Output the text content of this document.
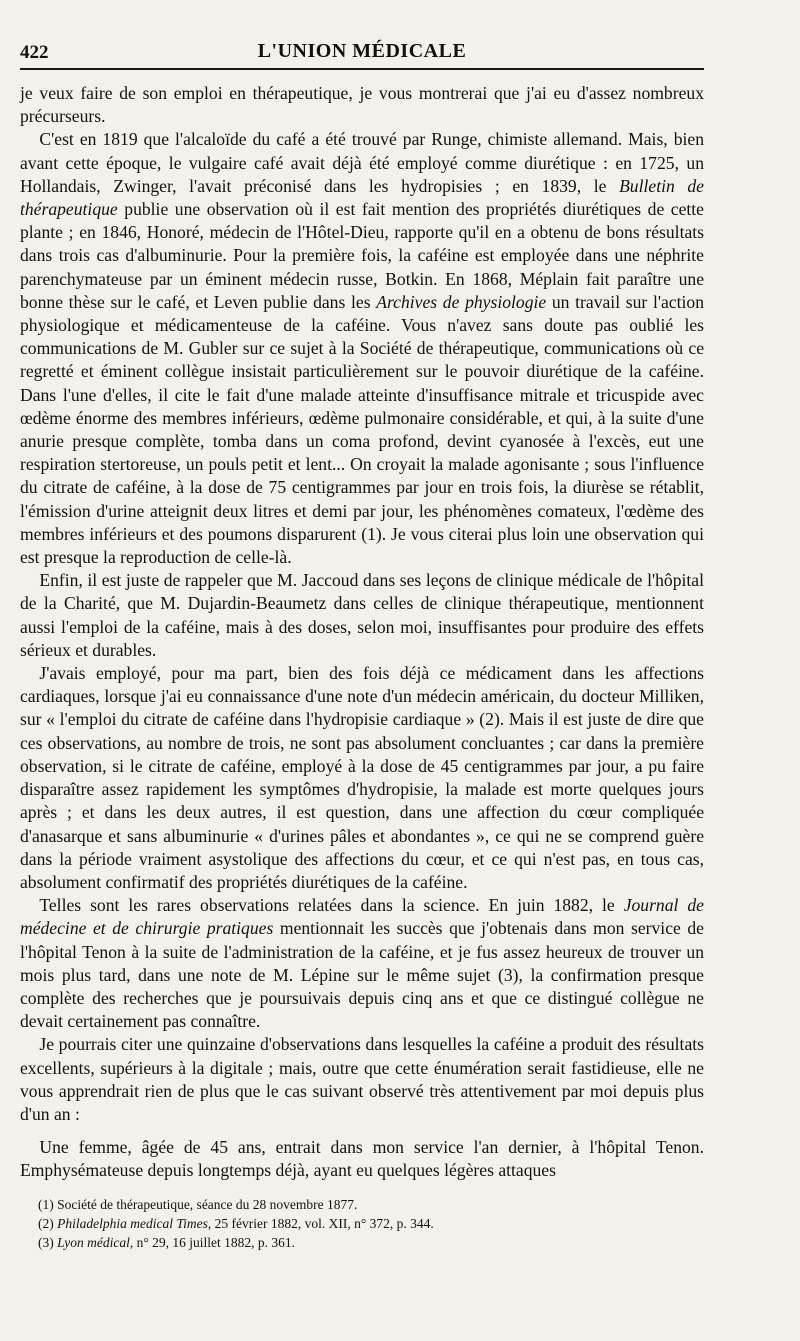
422	L'UNION MÉDICALE

je veux faire de son emploi en thérapeutique, je vous montrerai que j'ai eu d'assez nombreux précurseurs.

C'est en 1819 que l'alcaloïde du café a été trouvé par Runge, chimiste allemand. Mais, bien avant cette époque, le vulgaire café avait déjà été employé comme diurétique : en 1725, un Hollandais, Zwinger, l'avait préconisé dans les hydropisies ; en 1839, le Bulletin de thérapeutique publie une observation où il est fait mention des propriétés diurétiques de cette plante ; en 1846, Honoré, médecin de l'Hôtel-Dieu, rapporte qu'il en a obtenu de bons résultats dans trois cas d'albuminurie. Pour la première fois, la caféine est employée dans une néphrite parenchymateuse par un éminent médecin russe, Botkin. En 1868, Méplain fait paraître une bonne thèse sur le café, et Leven publie dans les Archives de physiologie un travail sur l'action physiologique et médicamenteuse de la caféine. Vous n'avez sans doute pas oublié les communications de M. Gubler sur ce sujet à la Société de thérapeutique, communications où ce regretté et éminent collègue insistait particulièrement sur le pouvoir diurétique de la caféine. Dans l'une d'elles, il cite le fait d'une malade atteinte d'insuffisance mitrale et tricuspide avec œdème énorme des membres inférieurs, œdème pulmonaire considérable, et qui, à la suite d'une anurie presque complète, tomba dans un coma profond, devint cyanosée à l'excès, eut une respiration stertoreuse, un pouls petit et lent... On croyait la malade agonisante ; sous l'influence du citrate de caféine, à la dose de 75 centigrammes par jour en trois fois, la diurèse se rétablit, l'émission d'urine atteignit deux litres et demi par jour, les phénomènes comateux, l'œdème des membres inférieurs et des poumons disparurent (1). Je vous citerai plus loin une observation qui est presque la reproduction de celle-là.

Enfin, il est juste de rappeler que M. Jaccoud dans ses leçons de clinique médicale de l'hôpital de la Charité, que M. Dujardin-Beaumetz dans celles de clinique thérapeutique, mentionnent aussi l'emploi de la caféine, mais à des doses, selon moi, insuffisantes pour produire des effets sérieux et durables.

J'avais employé, pour ma part, bien des fois déjà ce médicament dans les affections cardiaques, lorsque j'ai eu connaissance d'une note d'un médecin américain, du docteur Milliken, sur « l'emploi du citrate de caféine dans l'hydropisie cardiaque » (2). Mais il est juste de dire que ces observations, au nombre de trois, ne sont pas absolument concluantes ; car dans la première observation, si le citrate de caféine, employé à la dose de 45 centigrammes par jour, a pu faire disparaître assez rapidement les symptômes d'hydropisie, la malade est morte quelques jours après ; et dans les deux autres, il est question, dans une affection du cœur compliquée d'anasarque et sans albuminurie « d'urines pâles et abondantes », ce qui ne se comprend guère dans la période vraiment asystolique des affections du cœur, et ce qui n'est pas, en tous cas, absolument confirmatif des propriétés diurétiques de la caféine.

Telles sont les rares observations relatées dans la science. En juin 1882, le Journal de médecine et de chirurgie pratiques mentionnait les succès que j'obtenais dans mon service de l'hôpital Tenon à la suite de l'administration de la caféine, et je fus assez heureux de trouver un mois plus tard, dans une note de M. Lépine sur le même sujet (3), la confirmation presque complète des recherches que je poursuivais depuis cinq ans et que ce distingué collègue ne devait certainement pas connaître.

Je pourrais citer une quinzaine d'observations dans lesquelles la caféine a produit des résultats excellents, supérieurs à la digitale ; mais, outre que cette énumération serait fastidieuse, elle ne vous apprendrait rien de plus que le cas suivant observé très attentivement par moi depuis plus d'un an :

Une femme, âgée de 45 ans, entrait dans mon service l'an dernier, à l'hôpital Tenon. Emphysémateuse depuis longtemps déjà, ayant eu quelques légères attaques

(1) Société de thérapeutique, séance du 28 novembre 1877.
(2) Philadelphia medical Times, 25 février 1882, vol. XII, n° 372, p. 344.
(3) Lyon médical, n° 29, 16 juillet 1882, p. 361.
